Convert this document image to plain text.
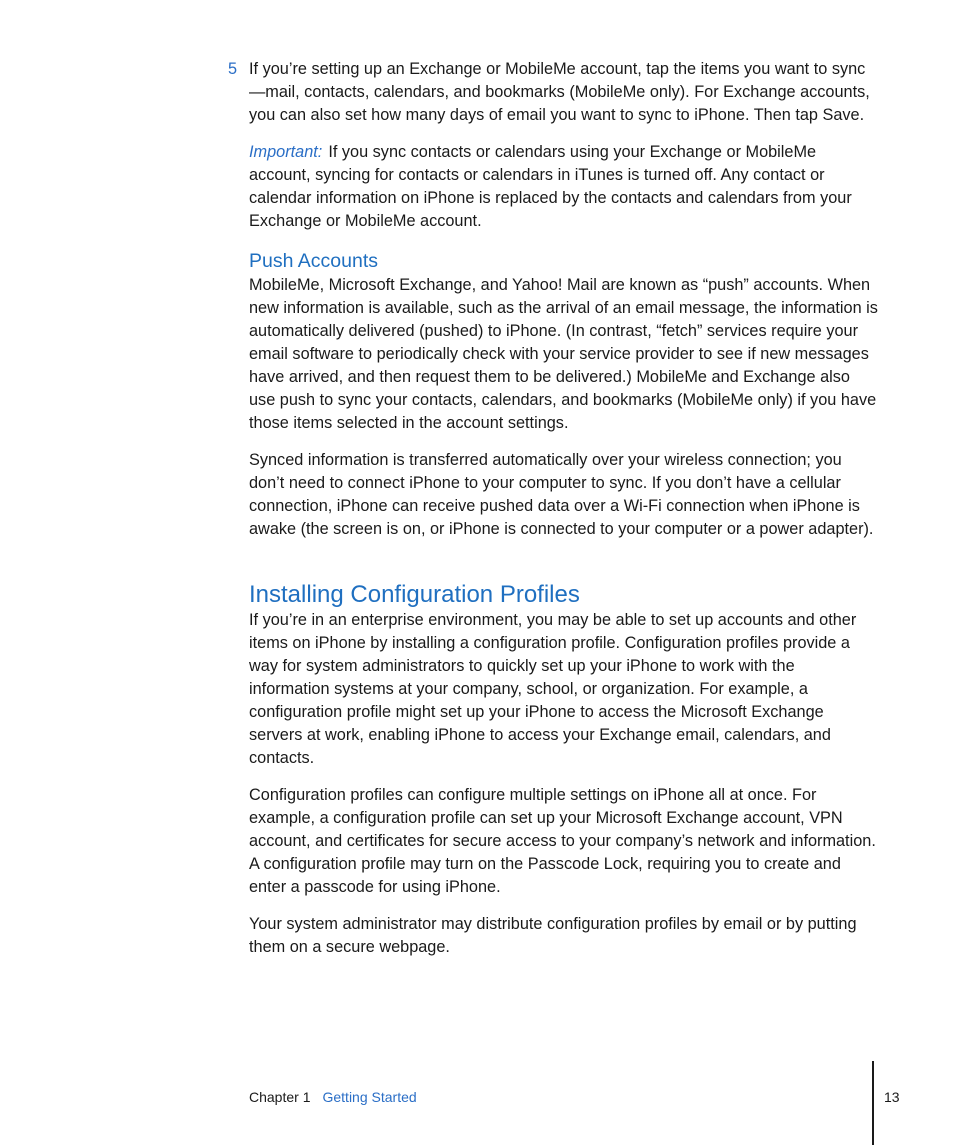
5 If you’re setting up an Exchange or MobileMe account, tap the items you want to sync—mail, contacts, calendars, and bookmarks (MobileMe only). For Exchange accounts, you can also set how many days of email you want to sync to iPhone. Then tap Save.

Important: If you sync contacts or calendars using your Exchange or MobileMe account, syncing for contacts or calendars in iTunes is turned off. Any contact or calendar information on iPhone is replaced by the contacts and calendars from your Exchange or MobileMe account.

Push Accounts

MobileMe, Microsoft Exchange, and Yahoo! Mail are known as “push” accounts. When new information is available, such as the arrival of an email message, the information is automatically delivered (pushed) to iPhone. (In contrast, “fetch” services require your email software to periodically check with your service provider to see if new messages have arrived, and then request them to be delivered.) MobileMe and Exchange also use push to sync your contacts, calendars, and bookmarks (MobileMe only) if you have those items selected in the account settings.

Synced information is transferred automatically over your wireless connection; you don’t need to connect iPhone to your computer to sync. If you don’t have a cellular connection, iPhone can receive pushed data over a Wi-Fi connection when iPhone is awake (the screen is on, or iPhone is connected to your computer or a power adapter).

Installing Configuration Profiles

If you’re in an enterprise environment, you may be able to set up accounts and other items on iPhone by installing a configuration profile. Configuration profiles provide a way for system administrators to quickly set up your iPhone to work with the information systems at your company, school, or organization. For example, a configuration profile might set up your iPhone to access the Microsoft Exchange servers at work, enabling iPhone to access your Exchange email, calendars, and contacts.

Configuration profiles can configure multiple settings on iPhone all at once. For example, a configuration profile can set up your Microsoft Exchange account, VPN account, and certificates for secure access to your company’s network and information. A configuration profile may turn on the Passcode Lock, requiring you to create and enter a passcode for using iPhone.

Your system administrator may distribute configuration profiles by email or by putting them on a secure webpage.

Chapter 1 Getting Started	13
